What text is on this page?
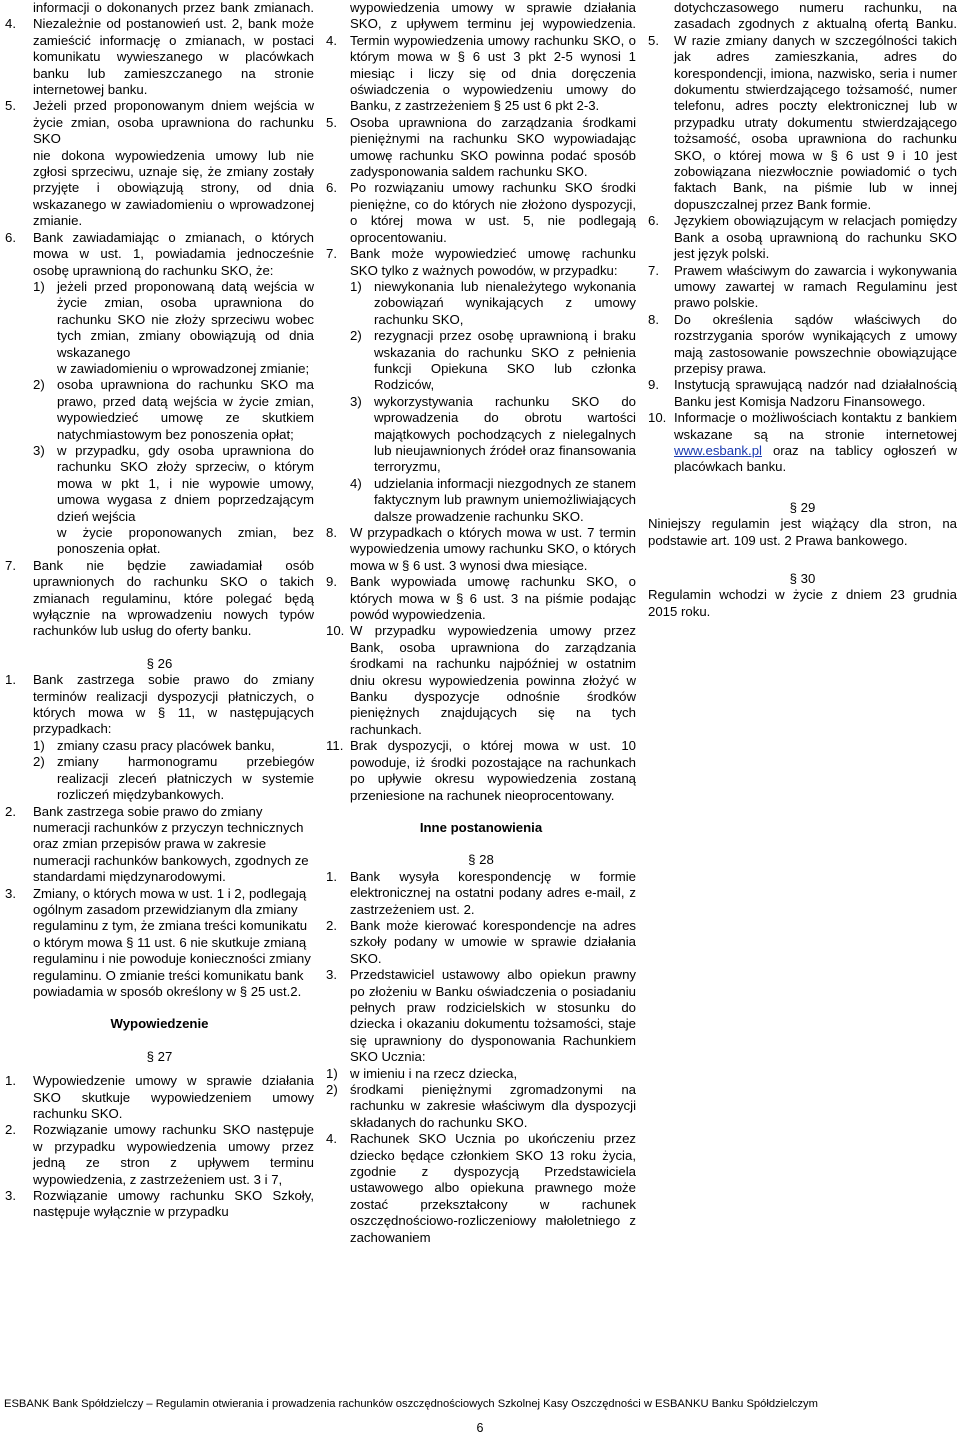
informacji o dokonanych przez bank zmianach.

4. Niezależnie od postanowień ust. 2, bank może zamieścić informację o zmianach, w postaci komunikatu wywieszanego w placówkach banku lub zamieszczanego na stronie internetowej banku.
5. Jeżeli przed proponowanym dniem wejścia w życie zmian, osoba uprawniona do rachunku SKO
nie dokona wypowiedzenia umowy lub nie zgłosi sprzeciwu, uznaje się, że zmiany zostały przyjęte i obowiązują strony, od dnia wskazanego w zawiadomieniu o wprowadzonej zmianie.
6. Bank zawiadamiając o zmianach, o których mowa w ust. 1, powiadamia jednocześnie osobę uprawnioną do rachunku SKO, że:
1) jeżeli przed proponowaną datą wejścia w życie zmian, osoba uprawniona do rachunku SKO nie złoży sprzeciwu wobec tych zmian, zmiany obowiązują od dnia wskazanego
w zawiadomieniu o wprowadzonej zmianie;
2) osoba uprawniona do rachunku SKO ma prawo, przed datą wejścia w życie zmian, wypowiedzieć umowę ze skutkiem natychmiastowym bez ponoszenia opłat;
3) w przypadku, gdy osoba uprawniona do rachunku SKO złoży sprzeciw, o którym mowa w pkt 1, i nie wypowie umowy, umowa wygasa z dniem poprzedzającym dzień wejścia
w życie proponowanych zmian, bez ponoszenia opłat.
7. Bank nie będzie zawiadamiał osób uprawnionych do rachunku SKO o takich zmianach regulaminu, które polegać będą wyłącznie na wprowadzeniu nowych typów rachunków lub usług do oferty banku.

§ 26

1. Bank zastrzega sobie prawo do zmiany terminów realizacji dyspozycji płatniczych, o których mowa w § 11, w następujących przypadkach:
1) zmiany czasu pracy placówek banku,
2) zmiany harmonogramu przebiegów realizacji zleceń płatniczych w systemie rozliczeń międzybankowych.
2. Bank zastrzega sobie prawo do zmiany numeracji rachunków z przyczyn technicznych oraz zmian przepisów prawa w zakresie numeracji rachunków bankowych, zgodnych ze standardami międzynarodowymi.
3. Zmiany, o których mowa w ust. 1 i 2, podlegają ogólnym zasadom przewidzianym dla zmiany regulaminu z tym, że zmiana treści komunikatu o którym mowa § 11 ust. 6 nie skutkuje zmianą regulaminu i nie powoduje konieczności zmiany regulaminu. O zmianie treści komunikatu bank powiadamia w sposób określony w § 25 ust.2.

Wypowiedzenie

§ 27

1. Wypowiedzenie umowy w sprawie działania SKO skutkuje wypowiedzeniem umowy rachunku SKO.
2. Rozwiązanie umowy rachunku SKO następuje w przypadku wypowiedzenia umowy przez jedną ze stron z upływem terminu wypowiedzenia, z zastrzeżeniem ust. 3 i 7,
3. Rozwiązanie umowy rachunku SKO Szkoły, następuje wyłącznie w przypadku

wypowiedzenia umowy w sprawie działania SKO, z upływem terminu jej wypowiedzenia.

4. Termin wypowiedzenia umowy rachunku SKO, o którym mowa w § 6 ust 3 pkt 2-5 wynosi 1 miesiąc i liczy się od dnia doręczenia oświadczenia o wypowiedzeniu umowy do Banku, z zastrzeżeniem § 25 ust 6 pkt 2-3.
5. Osoba uprawniona do zarządzania środkami pieniężnymi na rachunku SKO wypowiadając umowę rachunku SKO powinna podać sposób zadysponowania saldem rachunku SKO.
6. Po rozwiązaniu umowy rachunku SKO środki pieniężne, co do których nie złożono dyspozycji, o której mowa w ust. 5, nie podlegają oprocentowaniu.
7. Bank może wypowiedzieć umowę rachunku SKO tylko z ważnych powodów, w przypadku:
1) niewykonania lub nienależytego wykonania zobowiązań wynikających z umowy rachunku SKO,
2) rezygnacji przez osobę uprawnioną i braku wskazania do rachunku SKO z pełnienia funkcji Opiekuna SKO lub członka Rodziców,
3) wykorzystywania rachunku SKO do wprowadzenia do obrotu wartości majątkowych pochodzących z nielegalnych lub nieujawnionych źródeł oraz finansowania terroryzmu,
4) udzielania informacji niezgodnych ze stanem faktycznym lub prawnym uniemożliwiających dalsze prowadzenie rachunku SKO.
8. W przypadkach o których mowa w ust. 7 termin wypowiedzenia umowy rachunku SKO, o których mowa w § 6 ust. 3 wynosi dwa miesiące.
9. Bank wypowiada umowę rachunku SKO, o których mowa w § 6 ust. 3 na piśmie podając powód wypowiedzenia.
10. W przypadku wypowiedzenia umowy przez Bank, osoba uprawniona do zarządzania środkami na rachunku najpóźniej w ostatnim dniu okresu wypowiedzenia powinna złożyć w Banku dyspozycje odnośnie środków pieniężnych znajdujących się na tych rachunkach.
11. Brak dyspozycji, o której mowa w ust. 10 powoduje, iż środki pozostające na rachunkach po upływie okresu wypowiedzenia zostaną przeniesione na rachunek nieoprocentowany.

Inne postanowienia

§ 28

1. Bank wysyła korespondencję w formie elektronicznej na ostatni podany adres e-mail, z zastrzeżeniem ust. 2.
2. Bank może kierować korespondencje na adres szkoły podany w umowie w sprawie działania SKO.
3. Przedstawiciel ustawowy albo opiekun prawny po złożeniu w Banku oświadczenia o posiadaniu pełnych praw rodzicielskich w stosunku do dziecka i okazaniu dokumentu tożsamości, staje się uprawniony do dysponowania Rachunkiem SKO Ucznia:
1) w imieniu i na rzecz dziecka,
2) środkami pieniężnymi zgromadzonymi na rachunku w zakresie właściwym dla dyspozycji składanych do rachunku SKO.
4. Rachunek SKO Ucznia po ukończeniu przez dziecko będące członkiem SKO 13 roku życia, zgodnie z dyspozycją Przedstawiciela ustawowego albo opiekuna prawnego może zostać przekształcony w rachunek oszczędnościowo-rozliczeniowy małoletniego z zachowaniem

dotychczasowego numeru rachunku, na zasadach zgodnych z aktualną ofertą Banku.

5. W razie zmiany danych w szczególności takich jak adres zamieszkania, adres do korespondencji, imiona, nazwisko, seria i numer dokumentu stwierdzającego tożsamość, numer telefonu, adres poczty elektronicznej lub w przypadku utraty dokumentu stwierdzającego tożsamość, osoba uprawniona do rachunku SKO, o której mowa w § 6 ust 9 i 10 jest zobowiązana niezwłocznie powiadomić o tych faktach Bank, na piśmie lub w innej dopuszczalnej przez Bank formie.
6. Językiem obowiązującym w relacjach pomiędzy Bank a osobą uprawnioną do rachunku SKO jest język polski.
7. Prawem właściwym do zawarcia i wykonywania umowy zawartej w ramach Regulaminu jest prawo polskie.
8. Do określenia sądów właściwych do rozstrzygania sporów wynikających z umowy mają zastosowanie powszechnie obowiązujące przepisy prawa.
9. Instytucją sprawującą nadzór nad działalnością Banku jest Komisja Nadzoru Finansowego.
10. Informacje o możliwościach kontaktu z bankiem wskazane są na stronie internetowej www.esbank.pl oraz na tablicy ogłoszeń w placówkach banku.

§ 29

Niniejszy regulamin jest wiążący dla stron, na podstawie art. 109 ust. 2 Prawa bankowego.

§ 30

Regulamin wchodzi w życie z dniem 23 grudnia 2015 roku.

ESBANK Bank Spółdzielczy – Regulamin otwierania i prowadzenia rachunków oszczędnościowych Szkolnej Kasy Oszczędności w ESBANKU Banku Spółdzielczym
6
